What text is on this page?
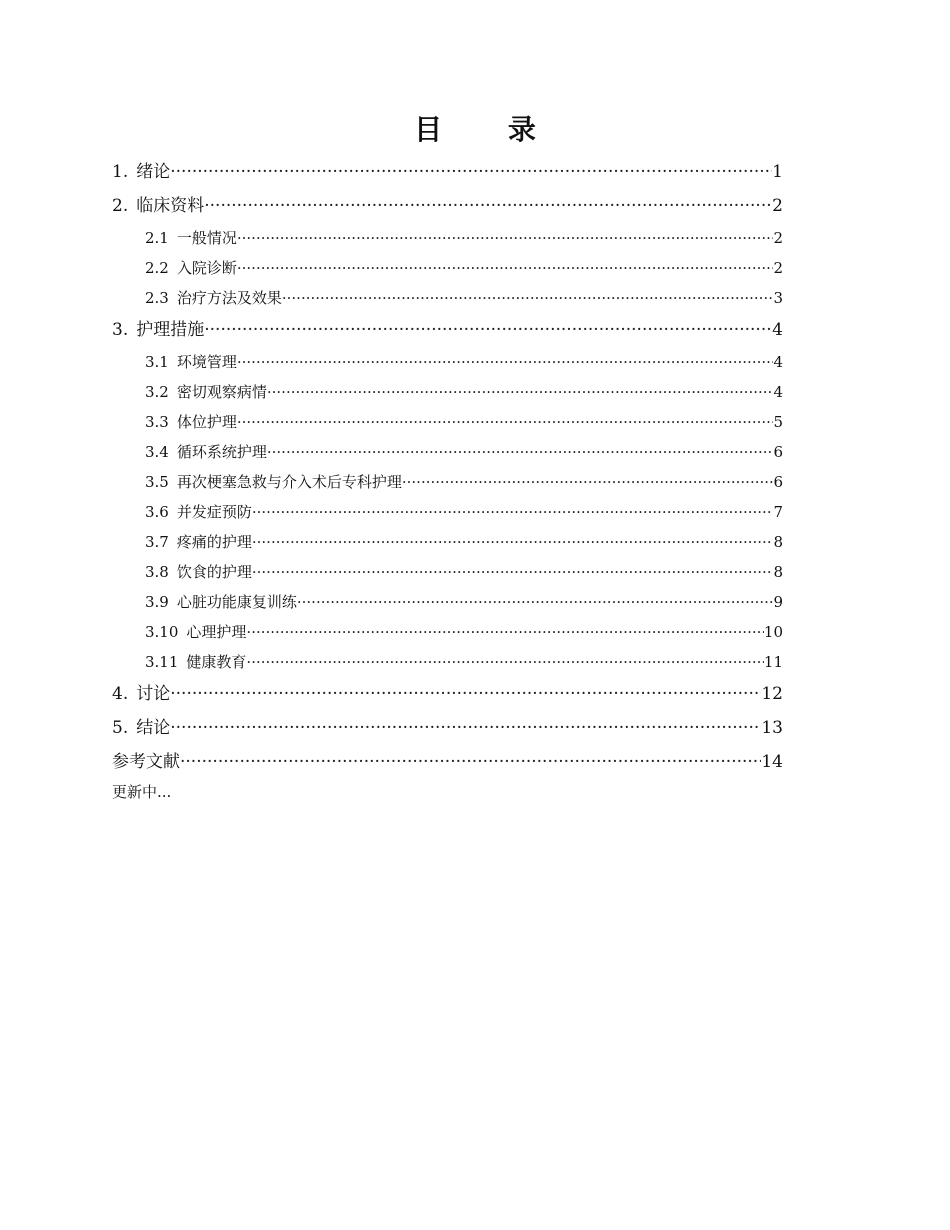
目 录
1. 绪论 ·····	1
2. 临床资料 ·····	2
2.1 一般情况 ·····	2
2.2 入院诊断 ·····	2
2.3 治疗方法及效果 ·····	3
3. 护理措施 ·····	4
3.1 环境管理 ·····	4
3.2 密切观察病情 ·····	4
3.3 体位护理 ·····	5
3.4 循环系统护理 ·····	6
3.5 再次梗塞急救与介入术后专科护理 ·····	6
3.6 并发症预防 ·····	7
3.7 疼痛的护理 ·····	8
3.8 饮食的护理 ·····	8
3.9 心脏功能康复训练 ·····	9
3.10 心理护理 ·····	10
3.11 健康教育 ·····	11
4. 讨论 ·····	12
5. 结论 ·····	13
参考文献 ·····	14
更新中...
